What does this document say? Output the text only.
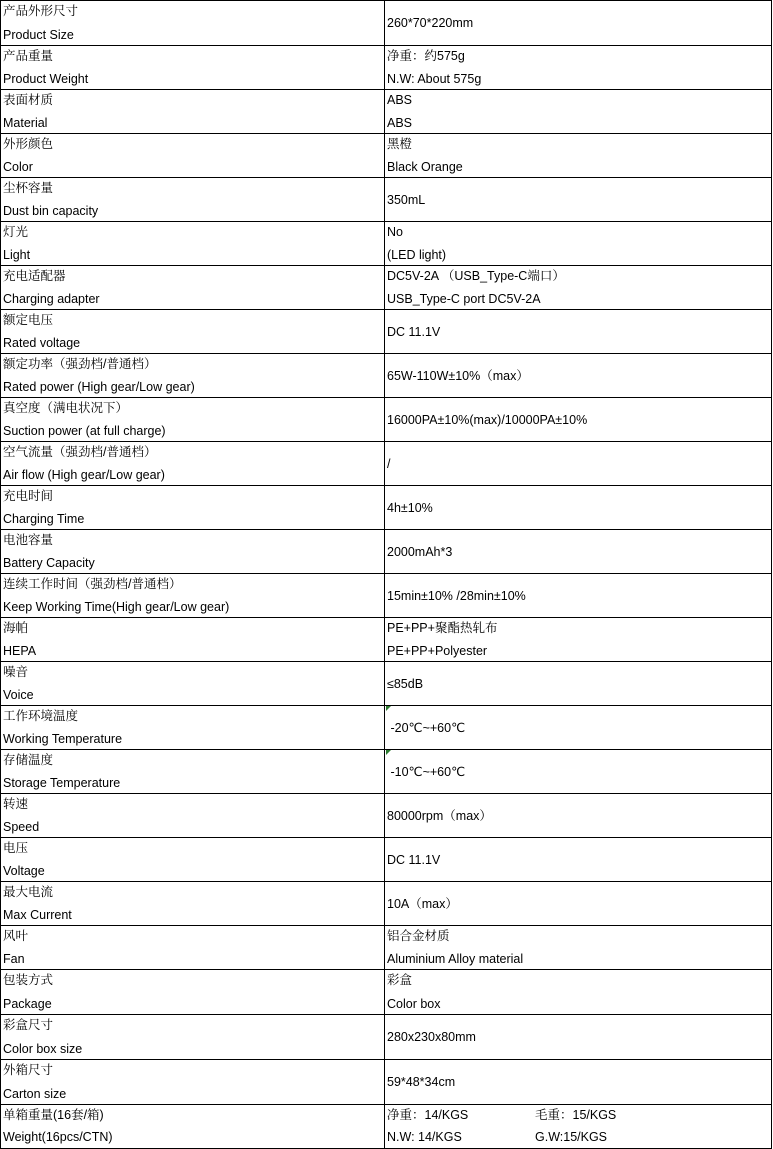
产品外形尺寸
Product Size
260*70*220mm
产品重量
Product Weight
净重：约575g
N.W: About 575g
表面材质
Material
ABS
ABS
外形颜色
Color
黑橙
Black Orange
尘杯容量
Dust bin capacity
350mL
灯光
Light
No
(LED light)
充电适配器
Charging adapter
DC5V-2A （USB_Type-C端口）
USB_Type-C port DC5V-2A
额定电压
Rated voltage
DC 11.1V
额定功率（强劲档/普通档）
Rated power (High gear/Low gear)
65W-110W±10%（max）
真空度（满电状况下）
Suction power (at full charge)
16000PA±10%(max)/10000PA±10%
空气流量（强劲档/普通档）
Air flow (High gear/Low gear)
/
充电时间
Charging Time
4h±10%
电池容量
Battery Capacity
2000mAh*3
连续工作时间（强劲档/普通档）
Keep Working Time(High gear/Low gear)
15min±10% /28min±10%
海帕
HEPA
PE+PP+聚酯热轧布
PE+PP+Polyester
噪音
Voice
≤85dB
工作环境温度
Working Temperature
-20℃~+60℃
存储温度
Storage Temperature
-10℃~+60℃
转速
Speed
80000rpm（max）
电压
Voltage
DC 11.1V
最大电流
Max Current
10A（max）
风叶
Fan
铝合金材质
Aluminium Alloy material
包装方式
Package
彩盒
Color box
彩盒尺寸
Color box size
280x230x80mm
外箱尺寸
Carton size
59*48*34cm
单箱重量(16套/箱)
Weight(16pcs/CTN)
净重：14/KGS	毛重：15/KGS
N.W: 14/KGS	G.W:15/KGS
